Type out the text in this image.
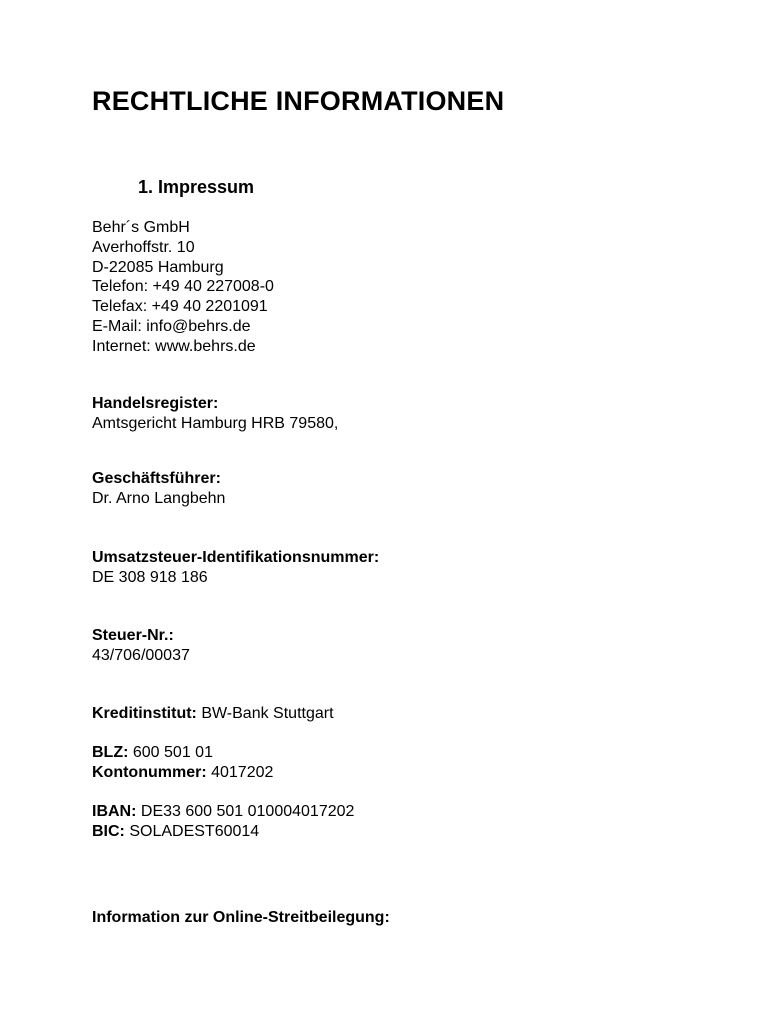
RECHTLICHE INFORMATIONEN
1. Impressum
Behr´s GmbH
Averhoffstr. 10
D-22085 Hamburg
Telefon: +49 40 227008-0
Telefax: +49 40 2201091
E-Mail: info@behrs.de
Internet: www.behrs.de
Handelsregister:
Amtsgericht Hamburg HRB 79580,
Geschäftsführer:
Dr. Arno Langbehn
Umsatzsteuer-Identifikationsnummer:
DE 308 918 186
Steuer-Nr.:
43/706/00037
Kreditinstitut: BW-Bank Stuttgart
BLZ: 600 501 01
Kontonummer: 4017202
IBAN: DE33 600 501 010004017202
BIC: SOLADEST60014
Information zur Online-Streitbeilegung:
